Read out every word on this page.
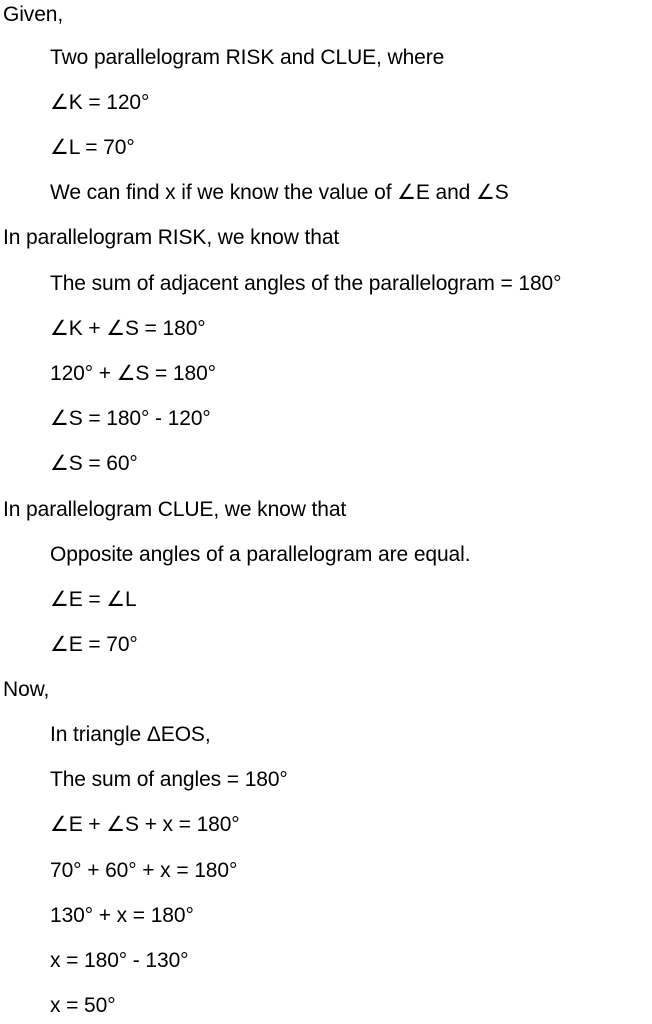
Given,
Two parallelogram RISK and CLUE, where
∠K = 120°
∠L = 70°
We can find x if we know the value of ∠E and ∠S
In parallelogram RISK, we know that
The sum of adjacent angles of the parallelogram = 180°
∠K + ∠S = 180°
120° + ∠S = 180°
∠S = 180° - 120°
∠S = 60°
In parallelogram CLUE, we know that
Opposite angles of a parallelogram are equal.
∠E = ∠L
∠E = 70°
Now,
In triangle ΔEOS,
The sum of angles = 180°
∠E + ∠S + x = 180°
70° + 60° + x = 180°
130° + x = 180°
x = 180° - 130°
x = 50°
